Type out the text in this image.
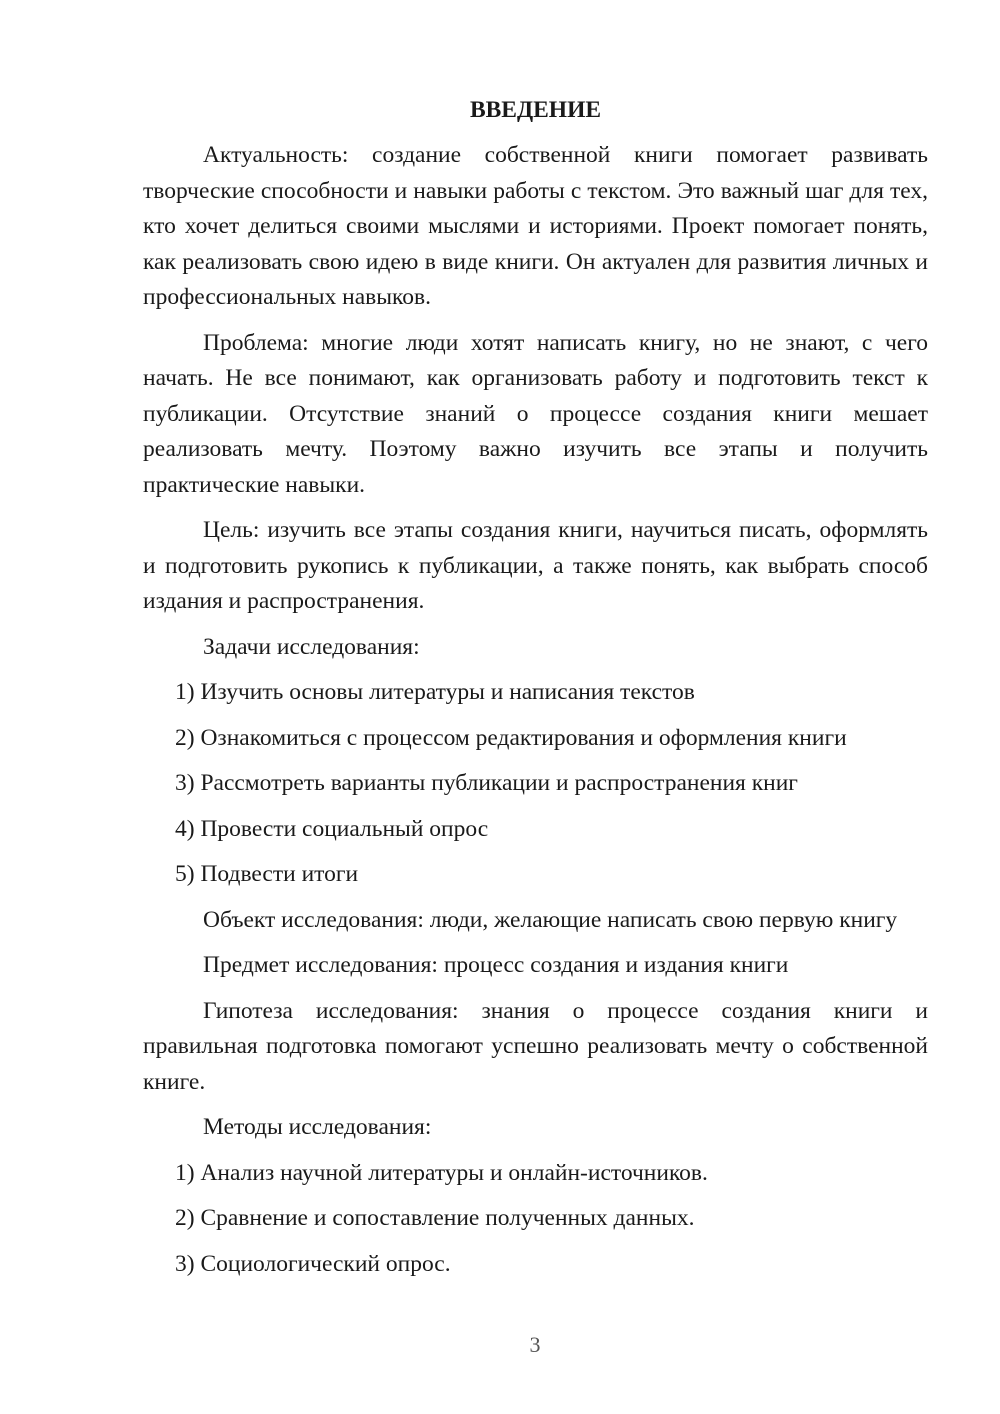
ВВЕДЕНИЕ

Актуальность: создание собственной книги помогает развивать творческие способности и навыки работы с текстом. Это важный шаг для тех, кто хочет делиться своими мыслями и историями. Проект помогает понять, как реализовать свою идею в виде книги. Он актуален для развития личных и профессиональных навыков.

Проблема: многие люди хотят написать книгу, но не знают, с чего начать. Не все понимают, как организовать работу и подготовить текст к публикации. Отсутствие знаний о процессе создания книги мешает реализовать мечту. Поэтому важно изучить все этапы и получить практические навыки.

Цель: изучить все этапы создания книги, научиться писать, оформлять и подготовить рукопись к публикации, а также понять, как выбрать способ издания и распространения.

Задачи исследования:
1) Изучить основы литературы и написания текстов
2) Ознакомиться с процессом редактирования и оформления книги
3) Рассмотреть варианты публикации и распространения книг
4) Провести социальный опрос
5) Подвести итоги

Объект исследования: люди, желающие написать свою первую книгу

Предмет исследования: процесс создания и издания книги

Гипотеза исследования: знания о процессе создания книги и правильная подготовка помогают успешно реализовать мечту о собственной книге.

Методы исследования:
1) Анализ научной литературы и онлайн-источников.
2) Сравнение и сопоставление полученных данных.
3) Социологический опрос.
3
